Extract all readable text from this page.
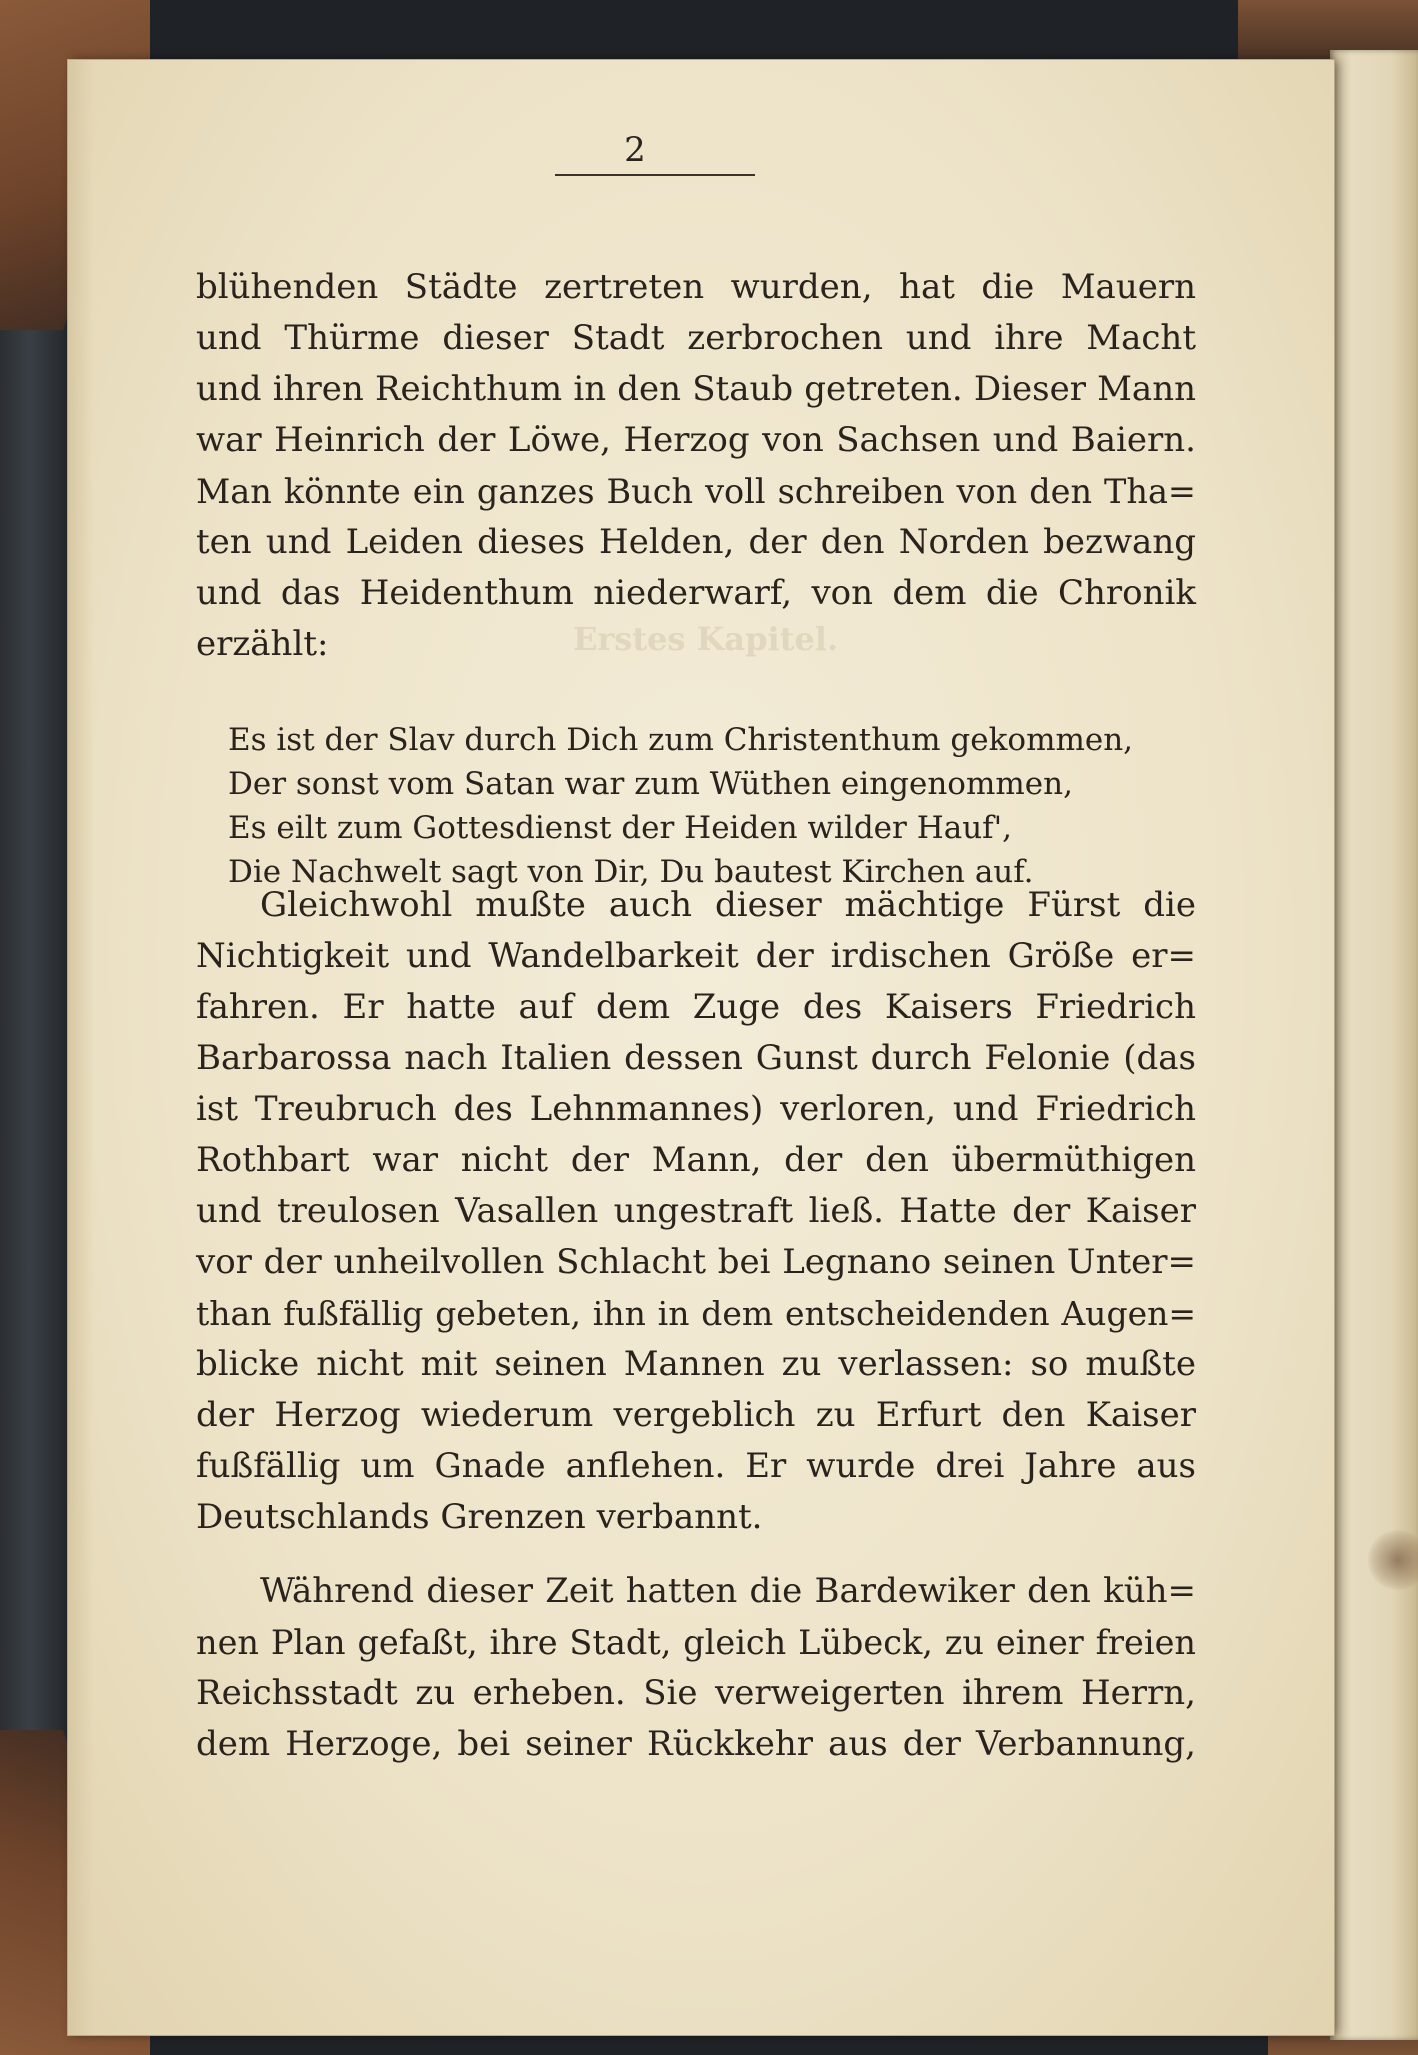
Erstes Kapitel.
2
blühenden Städte zertreten wurden, hat die Mauern
und Thürme dieser Stadt zerbrochen und ihre Macht
und ihren Reichthum in den Staub getreten. Dieser Mann
war Heinrich der Löwe, Herzog von Sachsen und Baiern.
Man könnte ein ganzes Buch voll schreiben von den Tha=
ten und Leiden dieses Helden, der den Norden bezwang
und das Heidenthum niederwarf, von dem die Chronik
erzählt:
Es ist der Slav durch Dich zum Christenthum gekommen,
Der sonst vom Satan war zum Wüthen eingenommen,
Es eilt zum Gottesdienst der Heiden wilder Hauf',
Die Nachwelt sagt von Dir, Du bautest Kirchen auf.
Gleichwohl mußte auch dieser mächtige Fürst die
Nichtigkeit und Wandelbarkeit der irdischen Größe er=
fahren. Er hatte auf dem Zuge des Kaisers Friedrich
Barbarossa nach Italien dessen Gunst durch Felonie (das
ist Treubruch des Lehnmannes) verloren, und Friedrich
Rothbart war nicht der Mann, der den übermüthigen
und treulosen Vasallen ungestraft ließ. Hatte der Kaiser
vor der unheilvollen Schlacht bei Legnano seinen Unter=
than fußfällig gebeten, ihn in dem entscheidenden Augen=
blicke nicht mit seinen Mannen zu verlassen: so mußte
der Herzog wiederum vergeblich zu Erfurt den Kaiser
fußfällig um Gnade anflehen. Er wurde drei Jahre aus
Deutschlands Grenzen verbannt.
Während dieser Zeit hatten die Bardewiker den küh=
nen Plan gefaßt, ihre Stadt, gleich Lübeck, zu einer freien
Reichsstadt zu erheben. Sie verweigerten ihrem Herrn,
dem Herzoge, bei seiner Rückkehr aus der Verbannung,
